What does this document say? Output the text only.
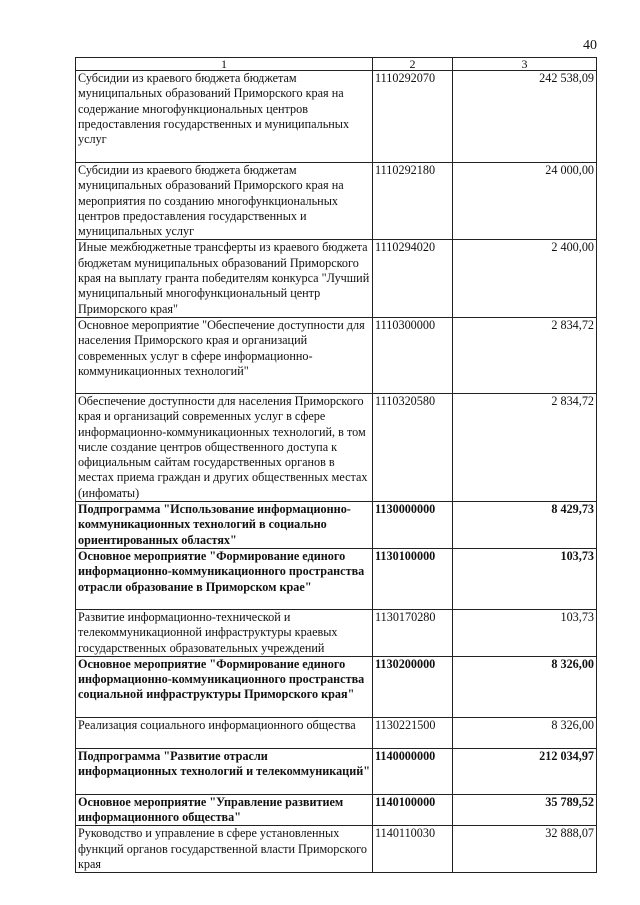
40
1	2	3
Субсидии из краевого бюджета бюджетам муниципальных образований Приморского края на содержание многофункциональных центров предоставления государственных и муниципальных услуг	1110292070	242 538,09
Субсидии из краевого бюджета бюджетам муниципальных образований Приморского края на мероприятия по созданию многофункциональных центров предоставления государственных и муниципальных услуг	1110292180	24 000,00
Иные межбюджетные трансферты из краевого бюджета бюджетам муниципальных образований Приморского края на выплату гранта победителям конкурса "Лучший муниципальный многофункциональный центр Приморского края"	1110294020	2 400,00
Основное мероприятие "Обеспечение доступности для населения Приморского края и организаций современных услуг в сфере информационно-коммуникационных технологий"	1110300000	2 834,72
Обеспечение доступности для населения Приморского края и организаций современных услуг в сфере информационно-коммуникационных технологий, в том числе создание центров общественного доступа к официальным сайтам государственных органов в местах приема граждан и других общественных местах (инфоматы)	1110320580	2 834,72
Подпрограмма "Использование информационно-коммуникационных технологий в социально ориентированных областях"	1130000000	8 429,73
Основное мероприятие "Формирование единого информационно-коммуникационного пространства отрасли образование в Приморском крае"	1130100000	103,73
Развитие информационно-технической и телекоммуникационной инфраструктуры краевых государственных образовательных учреждений	1130170280	103,73
Основное мероприятие "Формирование единого информационно-коммуникационного пространства социальной инфраструктуры Приморского края"	1130200000	8 326,00
Реализация социального информационного общества	1130221500	8 326,00
Подпрограмма "Развитие отрасли информационных технологий и телекоммуникаций"	1140000000	212 034,97
Основное мероприятие "Управление развитием информационного общества"	1140100000	35 789,52
Руководство и управление в сфере установленных функций органов государственной власти Приморского края	1140110030	32 888,07
